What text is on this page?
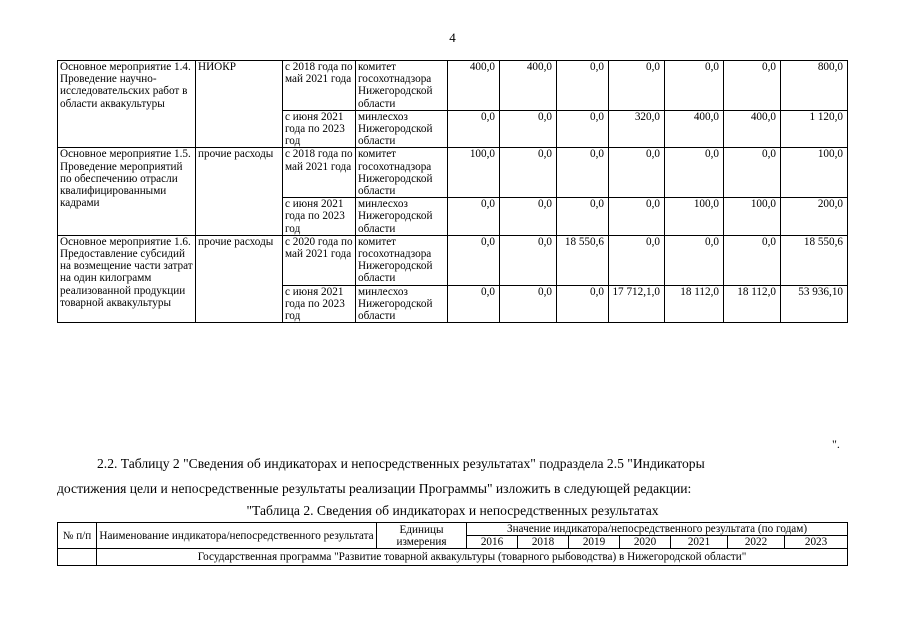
4
Основное мероприятие 1.4. Проведение научно-исследовательских работ в области аквакультуры	НИОКР	с 2018 года по май 2021 года	комитет госохотнадзора Нижегородской области	400,0	400,0	0,0	0,0	0,0	0,0	800,0
		с июня 2021 года по 2023 год	минлесхоз Нижегородской области	0,0	0,0	0,0	320,0	400,0	400,0	1 120,0
Основное мероприятие 1.5. Проведение мероприятий по обеспечению отрасли квалифицированными кадрами	прочие расходы	с 2018 года по май 2021 года	комитет госохотнадзора Нижегородской области	100,0	0,0	0,0	0,0	0,0	0,0	100,0
		с июня 2021 года по 2023 год	минлесхоз Нижегородской области	0,0	0,0	0,0	0,0	100,0	100,0	200,0
Основное мероприятие 1.6. Предоставление субсидий на возмещение части затрат на один килограмм реализованной продукции товарной аквакультуры	прочие расходы	с 2020 года по май 2021 года	комитет госохотнадзора Нижегородской области	0,0	0,0	18 550,6	0,0	0,0	0,0	18 550,6
		с июня 2021 года по 2023 год	минлесхоз Нижегородской области	0,0	0,0	0,0	17 712,1,0	18 112,0	18 112,0	53 936,10
".
2.2. Таблицу 2 "Сведения об индикаторах и непосредственных результатах" подраздела 2.5 "Индикаторы
достижения цели и непосредственные результаты реализации Программы" изложить в следующей редакции:
"Таблица 2. Сведения об индикаторах и непосредственных результатах
№ п/п	Наименование индикатора/непосредственного результата	Единицы измерения	Значение индикатора/непосредственного результата (по годам)						
			2016	2018	2019	2020	2021	2022	2023
	Государственная программа "Развитие товарной аквакультуры (товарного рыбоводства) в Нижегородской области"								
